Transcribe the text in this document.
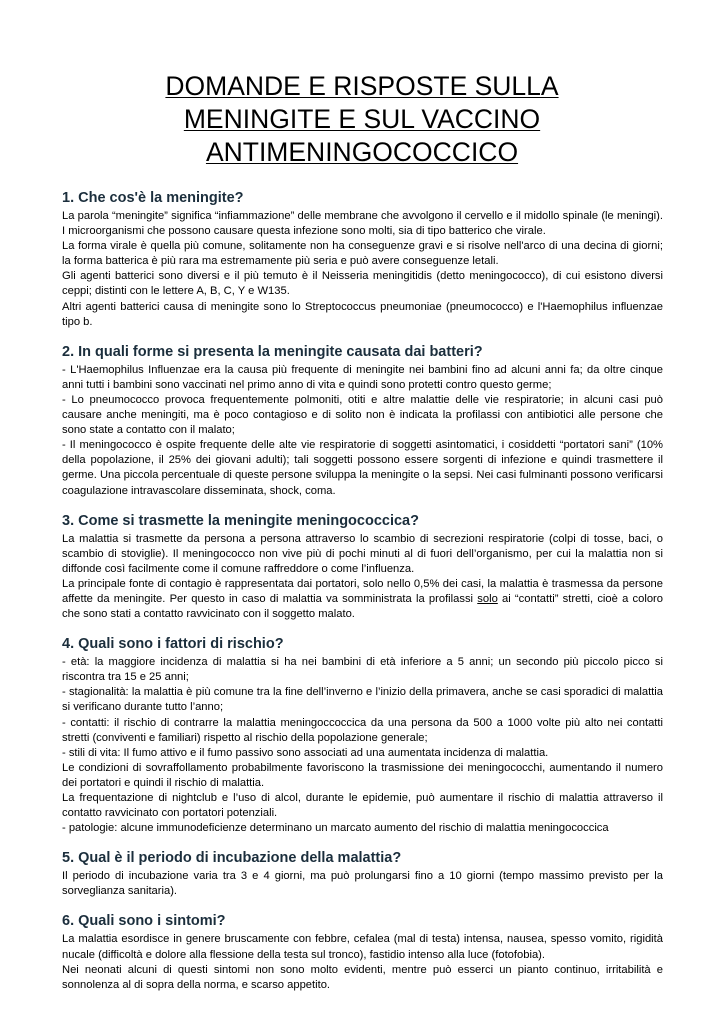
DOMANDE E RISPOSTE SULLA
MENINGITE E SUL VACCINO
ANTIMENINGOCOCCICO
1. Che cos'è la meningite?

La parola “meningite” significa “infiammazione” delle membrane che avvolgono il cervello e il midollo spinale (le meningi). I microorganismi che possono causare questa infezione sono molti, sia di tipo batterico che virale.

La forma virale è quella più comune, solitamente non ha conseguenze gravi e si risolve nell'arco di una decina di giorni; la forma batterica è più rara ma estremamente più seria e può avere conseguenze letali.

Gli agenti batterici sono diversi e il più temuto è il Neisseria meningitidis (detto meningococco), di cui esistono diversi ceppi; distinti con le lettere A, B, C, Y e W135.

Altri agenti batterici causa di meningite sono lo Streptococcus pneumoniae (pneumococco) e l'Haemophilus influenzae tipo b.

2. In quali forme si presenta la meningite causata dai batteri?

- L'Haemophilus Influenzae era la causa più frequente di meningite nei bambini fino ad alcuni anni fa; da oltre cinque anni tutti i bambini sono vaccinati nel primo anno di vita e quindi sono protetti contro questo germe;

- Lo pneumococco provoca frequentemente polmoniti, otiti e altre malattie delle vie respiratorie; in alcuni casi può causare anche meningiti, ma è poco contagioso e di solito non è indicata la profilassi con antibiotici alle persone che sono state a contatto con il malato;

- Il meningococco è ospite frequente delle alte vie respiratorie di soggetti asintomatici, i cosiddetti “portatori sani” (10% della popolazione, il 25% dei giovani adulti); tali soggetti possono essere sorgenti di infezione e quindi trasmettere il germe. Una piccola percentuale di queste persone sviluppa la meningite o la sepsi. Nei casi fulminanti possono verificarsi coagulazione intravascolare disseminata, shock, coma.

3. Come si trasmette la meningite meningococcica?

La malattia si trasmette da persona a persona attraverso lo scambio di secrezioni respiratorie (colpi di tosse, baci, o scambio di stoviglie). Il meningococco non vive più di pochi minuti al di fuori dell’organismo, per cui la malattia non si diffonde così facilmente come il comune raffreddore o come l’influenza.

La principale fonte di contagio è rappresentata dai portatori, solo nello 0,5% dei casi, la malattia è trasmessa da persone affette da meningite. Per questo in caso di malattia va somministrata la profilassi solo ai “contatti” stretti, cioè a coloro che sono stati a contatto ravvicinato con il soggetto malato.

4. Quali sono i fattori di rischio?

- età: la maggiore incidenza di malattia si ha nei bambini di età inferiore a 5 anni; un secondo più piccolo picco si riscontra tra 15 e 25 anni;

- stagionalità: la malattia è più comune tra la fine dell’inverno e l’inizio della primavera, anche se casi sporadici di malattia si verificano durante tutto l’anno;

- contatti: il rischio di contrarre la malattia meningoccoccica da una persona da 500 a 1000 volte più alto nei contatti stretti (conviventi e familiari) rispetto al rischio della popolazione generale;

- stili di vita: Il fumo attivo e il fumo passivo sono associati ad una aumentata incidenza di malattia.

Le condizioni di sovraffollamento probabilmente favoriscono la trasmissione dei meningococchi, aumentando il numero dei portatori e quindi il rischio di malattia.

La frequentazione di nightclub e l’uso di alcol, durante le epidemie, può aumentare il rischio di malattia attraverso il contatto ravvicinato con portatori potenziali.

- patologie: alcune immunodeficienze determinano un marcato aumento del rischio di malattia meningococcica

5. Qual è il periodo di incubazione della malattia?

Il periodo di incubazione varia tra 3 e 4 giorni, ma può prolungarsi fino a 10 giorni (tempo massimo previsto per la sorveglianza sanitaria).

6. Quali sono i sintomi?

La malattia esordisce in genere bruscamente con febbre, cefalea (mal di testa) intensa, nausea, spesso vomito, rigidità nucale (difficoltà e dolore alla flessione della testa sul tronco), fastidio intenso alla luce (fotofobia).

Nei neonati alcuni di questi sintomi non sono molto evidenti, mentre può esserci un pianto continuo, irritabilità e sonnolenza al di sopra della norma, e scarso appetito.
